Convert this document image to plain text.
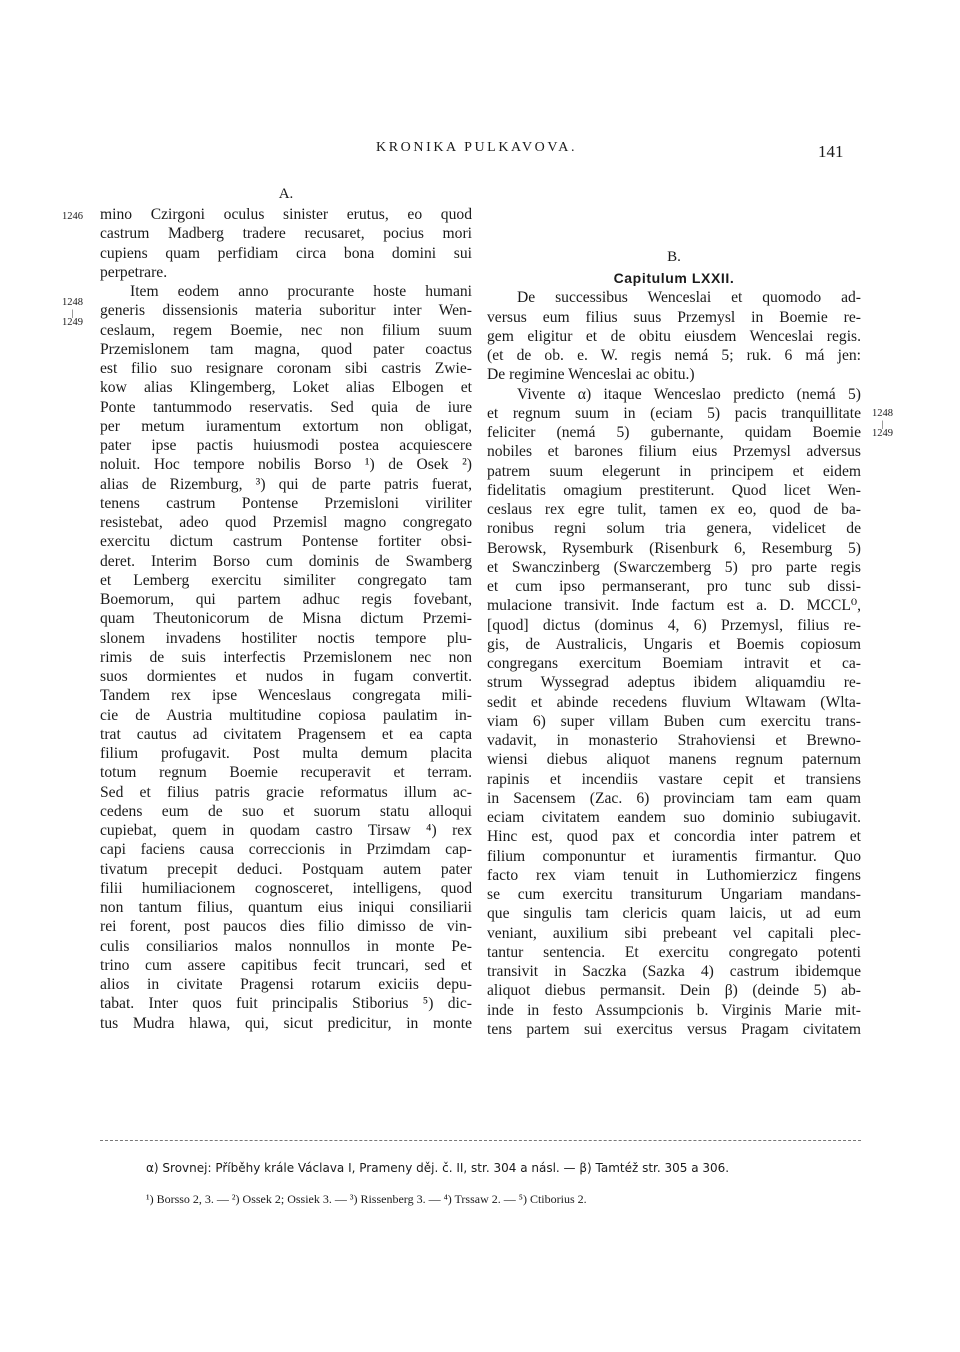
KRONIKA PULKAVOVA.	141
A.
mino Czirgoni oculus sinister erutus, eo quod
castrum Madberg tradere recusaret, pocius mori
cupiens quam perfidiam circa bona domini sui
perpetrare.
Item eodem anno procurante hoste humani
generis dissensionis materia suboritur inter Wen-
ceslaum, regem Boemie, nec non filium suum
Przemislonem tam magna, quod pater coactus
est filio suo resignare coronam sibi castris Zwie-
kow alias Klingemberg, Loket alias Elbogen et
Ponte tantummodo reservatis. Sed quia de iure
per metum iuramentum extortum non obligat,
pater ipse pactis huiusmodi postea acquiescere
noluit. Hoc tempore nobilis Borso ¹) de Osek ²)
alias de Rizemburg, ³) qui de parte patris fuerat,
tenens castrum Pontense Przemisloni viriliter
resistebat, adeo quod Przemisl magno congregato
exercitu dictum castrum Pontense fortiter obsi-
deret. Interim Borso cum dominis de Swamberg
et Lemberg exercitu similiter congregato tam
Boemorum, qui partem adhuc regis fovebant,
quam Theutonicorum de Misna dictum Przemi-
slonem invadens hostiliter noctis tempore plu-
rimis de suis interfectis Przemislonem nec non
suos dormientes et nudos in fugam convertit.
Tandem rex ipse Wenceslaus congregata mili-
cie de Austria multitudine copiosa paulatim in-
trat cautus ad civitatem Pragensem et ea capta
filium profugavit. Post multa demum placita
totum regnum Boemie recuperavit et terram.
Sed et filius patris gracie reformatus illum ac-
cedens eum de suo et suorum statu alloqui
cupiebat, quem in quodam castro Tirsaw ⁴) rex
capi faciens causa correccionis in Przimdam cap-
tivatum precepit deduci. Postquam autem pater
filii humiliacionem cognosceret, intelligens, quod
non tantum filius, quantum eius iniqui consiliarii
rei forent, post paucos dies filio dimisso de vin-
culis consiliarios malos nonnullos in monte Pe-
trino cum assere capitibus fecit truncari, sed et
alios in civitate Pragensi rotarum exiciis depu-
tabat. Inter quos fuit principalis Stiborius ⁵) dic-
tus Mudra hlawa, qui, sicut predicitur, in monte
B.
Capitulum LXXII.
De successibus Wenceslai et quomodo ad-
versus eum filius suus Przemysl in Boemie re-
gem eligitur et de obitu eiusdem Wenceslai regis.
(et de ob. e. W. regis nemá 5; ruk. 6 má jen:
De regimine Wenceslai ac obitu.)
Vivente α) itaque Wenceslao predicto (nemá 5)
et regnum suum in (eciam 5) pacis tranquillitate
feliciter (nemá 5) gubernante, quidam Boemie
nobiles et barones filium eius Przemysl adversus
patrem suum elegerunt in principem et eidem
fidelitatis omagium prestiterunt. Quod licet Wen-
ceslaus rex egre tulit, tamen ex eo, quod de ba-
ronibus regni solum tria genera, videlicet de
Berowsk, Rysemburk (Risenburk 6, Resemburg 5)
et Swanczinberg (Swarczemberg 5) pro parte regis
et cum ipso permanserant, pro tunc sub dissi-
mulacione transivit. Inde factum est a. D. MCCL⁰,
[quod] dictus (dominus 4, 6) Przemysl, filius re-
gis, de Australicis, Ungaris et Boemis copiosum
congregans exercitum Boemiam intravit et ca-
strum Wyssegrad adeptus ibidem aliquamdiu re-
sedit et abinde recedens fluvium Wltawam (Wlta-
viam 6) super villam Buben cum exercitu trans-
vadavit, in monasterio Strahoviensi et Brewno-
wiensi diebus aliquot manens regnum paternum
rapinis et incendiis vastare cepit et transiens
in Sacensem (Zac. 6) provinciam tam eam quam
eciam civitatem eandem suo dominio subiugavit.
Hinc est, quod pax et concordia inter patrem et
filium componuntur et iuramentis firmantur. Quo
facto rex viam tenuit in Luthomierzicz fingens
se cum exercitu transiturum Ungariam mandans-
que singulis tam clericis quam laicis, ut ad eum
veniant, auxilium sibi prebeant vel capitali plec-
tantur sentencia. Et exercitu congregato potenti
transivit in Saczka (Sazka 4) castrum ibidemque
aliquot diebus permansit. Dein β) (deinde 5) ab-
inde in festo Assumpcionis b. Virginis Marie mit-
tens partem sui exercitus versus Pragam civitatem
1246
1248
|
1249
1248
|
1249
α) Srovnej: Příběhy krále Václava I, Prameny děj. č. II, str. 304 a násl. — β) Tamtéž str. 305 a 306.
¹) Borsso 2, 3. — ²) Ossek 2; Ossiek 3. — ³) Rissenberg 3. — ⁴) Trssaw 2. — ⁵) Ctiborius 2.
